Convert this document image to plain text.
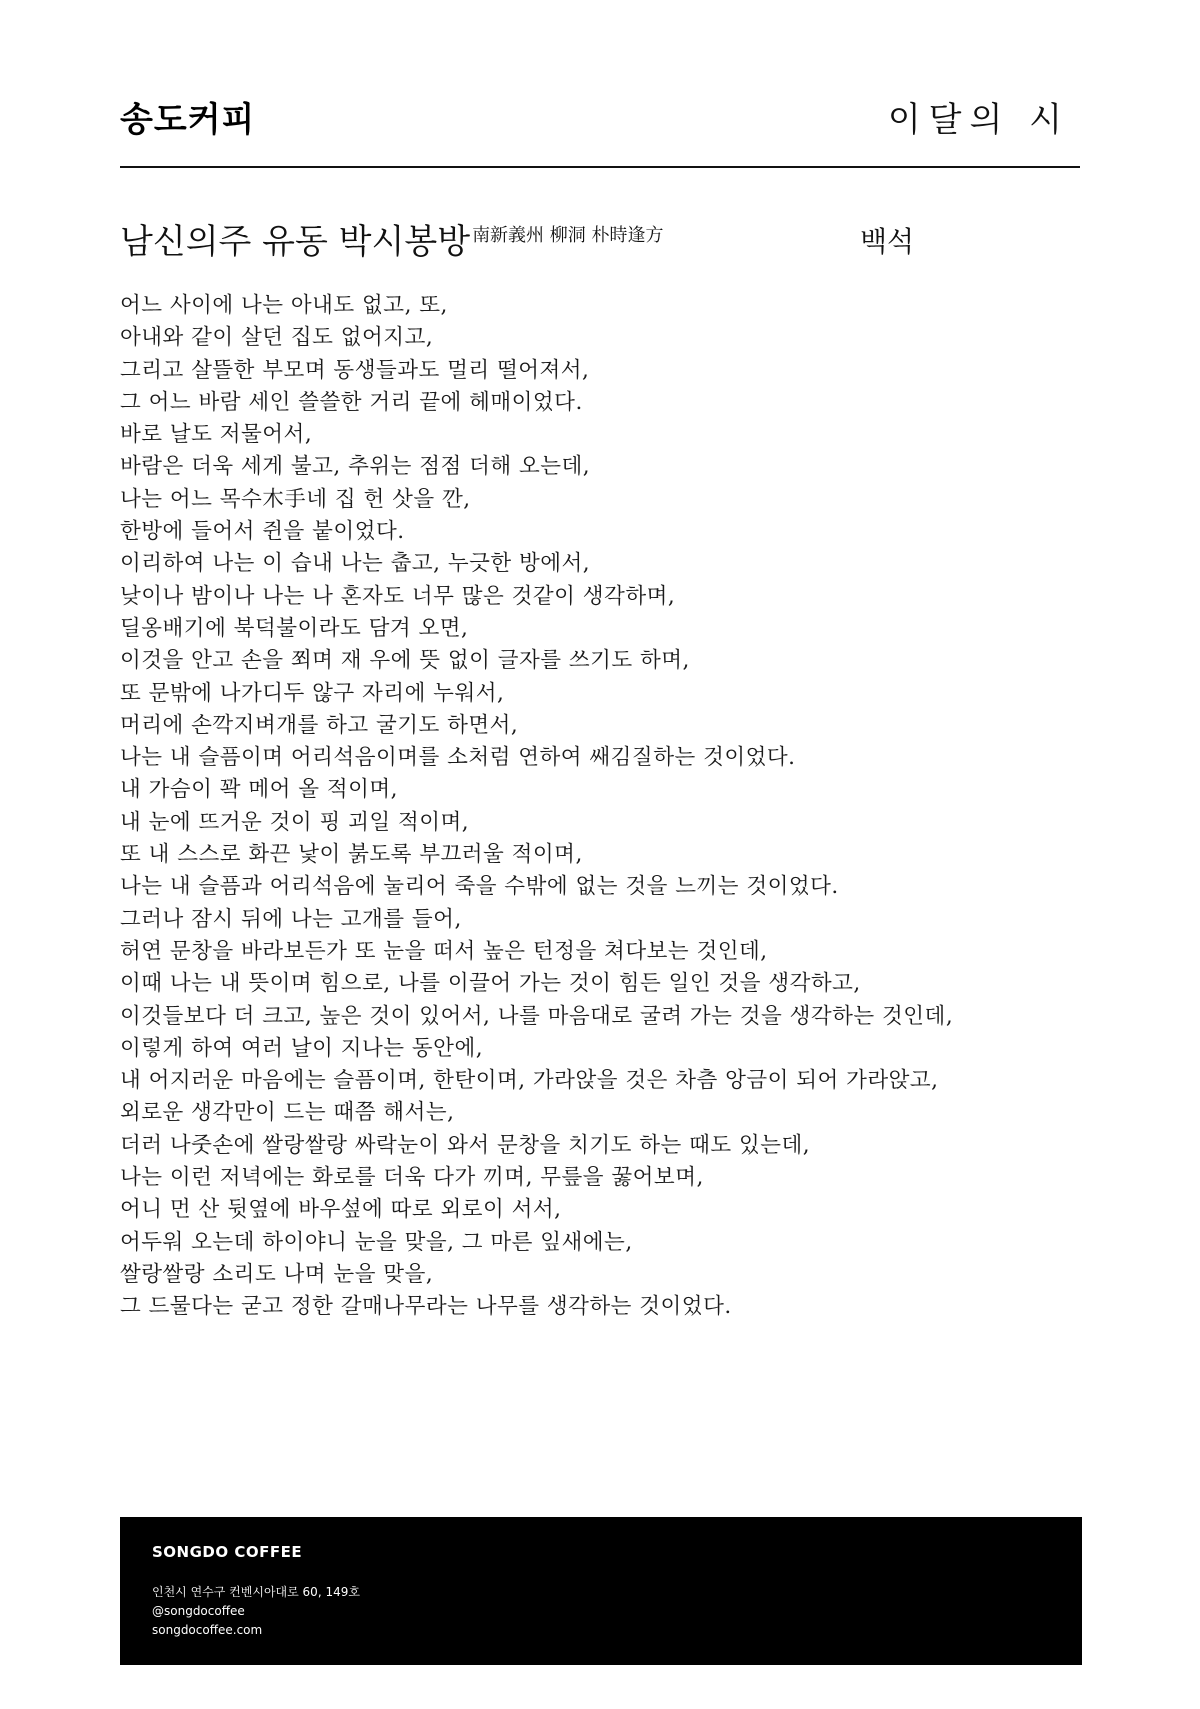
송도커피	이달의 시
남신의주 유동 박시봉방 $^{南新義州 柳洞 朴時逢方}$	백석
어느 사이에 나는 아내도 없고, 또,
아내와 같이 살던 집도 없어지고,
그리고 살뜰한 부모며 동생들과도 멀리 떨어져서,
그 어느 바람 세인 쓸쓸한 거리 끝에 헤매이었다.
바로 날도 저물어서,
바람은 더욱 세게 불고, 추위는 점점 더해 오는데,
나는 어느 목수木手네 집 헌 삿을 깐,
한방에 들어서 쥔을 붙이었다.
이리하여 나는 이 습내 나는 춥고, 누긋한 방에서,
낮이나 밤이나 나는 나 혼자도 너무 많은 것같이 생각하며,
딜옹배기에 북덕불이라도 담겨 오면,
이것을 안고 손을 쬐며 재 우에 뜻 없이 글자를 쓰기도 하며,
또 문밖에 나가디두 않구 자리에 누워서,
머리에 손깍지벼개를 하고 굴기도 하면서,
나는 내 슬픔이며 어리석음이며를 소처럼 연하여 쌔김질하는 것이었다.
내 가슴이 꽉 메어 올 적이며,
내 눈에 뜨거운 것이 핑 괴일 적이며,
또 내 스스로 화끈 낯이 붉도록 부끄러울 적이며,
나는 내 슬픔과 어리석음에 눌리어 죽을 수밖에 없는 것을 느끼는 것이었다.
그러나 잠시 뒤에 나는 고개를 들어,
허연 문창을 바라보든가 또 눈을 떠서 높은 턴정을 쳐다보는 것인데,
이때 나는 내 뜻이며 힘으로, 나를 이끌어 가는 것이 힘든 일인 것을 생각하고,
이것들보다 더 크고, 높은 것이 있어서, 나를 마음대로 굴려 가는 것을 생각하는 것인데,
이렇게 하여 여러 날이 지나는 동안에,
내 어지러운 마음에는 슬픔이며, 한탄이며, 가라앉을 것은 차츰 앙금이 되어 가라앉고,
외로운 생각만이 드는 때쯤 해서는,
더러 나줏손에 쌀랑쌀랑 싸락눈이 와서 문창을 치기도 하는 때도 있는데,
나는 이런 저녁에는 화로를 더욱 다가 끼며, 무릎을 꿇어보며,
어니 먼 산 뒷옆에 바우섶에 따로 외로이 서서,
어두워 오는데 하이야니 눈을 맞을, 그 마른 잎새에는,
쌀랑쌀랑 소리도 나며 눈을 맞을,
그 드물다는 굳고 정한 갈매나무라는 나무를 생각하는 것이었다.
SONGDO COFFEE
인천시 연수구 컨벤시아대로 60, 149호
@songdocoffee
songdocoffee.com
